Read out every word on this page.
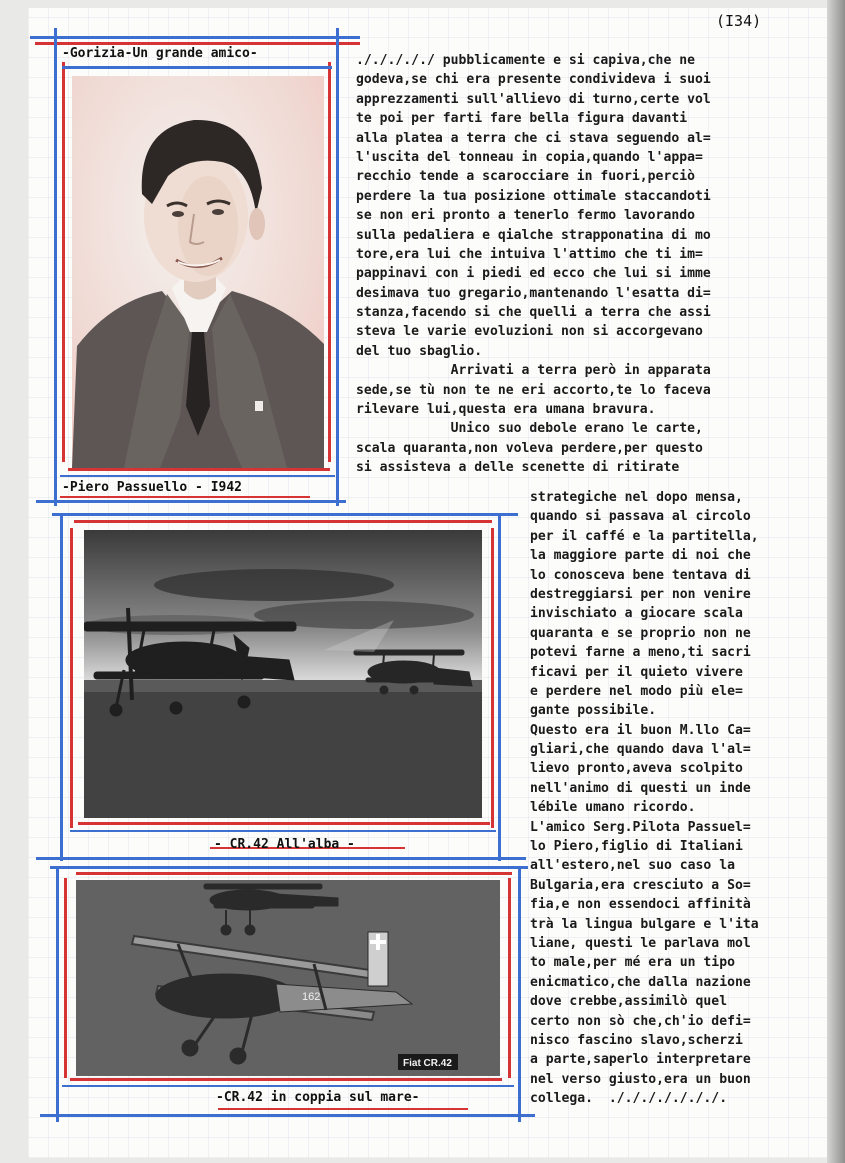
(I34)
-Gorizia-Un grande amico-
-Piero Passuello - I942
- CR.42 All'alba -
162
Fiat CR.42
-CR.42 in coppia sul mare-
./././././ pubblicamente e si capiva,che ne
godeva,se chi era presente condivideva i suoi
apprezzamenti sull'allievo di turno,certe vol
te poi per farti fare bella figura davanti
alla platea a terra che ci stava seguendo al=
l'uscita del tonneau in copia,quando l'appa=
recchio tende a scarocciare in fuori,perciò
perdere la tua posizione ottimale staccandoti
se non eri pronto a tenerlo fermo lavorando
sulla pedaliera e qialche strapponatina di mo
tore,era lui che intuiva l'attimo che ti im=
pappinavi con i piedi ed ecco che lui si imme
desimava tuo gregario,mantenando l'esatta di=
stanza,facendo si che quelli a terra che assi
steva le varie evoluzioni non si accorgevano
del tuo sbaglio.
Arrivati a terra però in apparata
sede,se tù non te ne eri accorto,te lo faceva
rilevare lui,questa era umana bravura.
Unico suo debole erano le carte,
scala quaranta,non voleva perdere,per questo
si assisteva a delle scenette di ritirate
strategiche nel dopo mensa,
quando si passava al circolo
per il caffé e la partitella,
la maggiore parte di noi che
lo conosceva bene tentava di
destreggiarsi per non venire
invischiato a giocare scala
quaranta e se proprio non ne
potevi farne a meno,ti sacri
ficavi per il quieto vivere
e perdere nel modo più ele=
gante possibile.
Questo era il buon M.llo Ca=
gliari,che quando dava l'al=
lievo pronto,aveva scolpito
nell'animo di questi un inde
lébile umano ricordo.
L'amico Serg.Pilota Passuel=
lo Piero,figlio di Italiani
all'estero,nel suo caso la
Bulgaria,era cresciuto a So=
fia,e non essendoci affinità
trà la lingua bulgare e l'ita
liane, questi le parlava mol
to male,per mé era un tipo
enicmatico,che dalla nazione
dove crebbe,assimilò quel
certo non sò che,ch'io defi=
nisco fascino slavo,scherzi
a parte,saperlo interpretare
nel verso giusto,era un buon
collega.  ./././././././.
